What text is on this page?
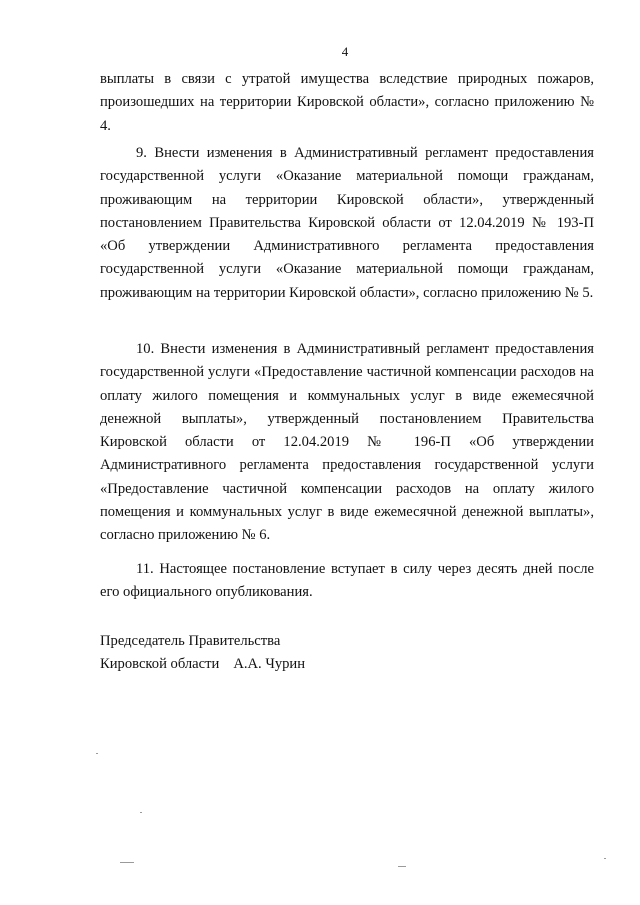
4

выплаты в связи с утратой имущества вследствие природных пожаров, произошедших на территории Кировской области», согласно приложению № 4.

9. Внести изменения в Административный регламент предоставления государственной услуги «Оказание материальной помощи гражданам, проживающим на территории Кировской области», утвержденный постановлением Правительства Кировской области от 12.04.2019 № 193-П «Об утверждении Административного регламента предоставления государственной услуги «Оказание материальной помощи гражданам, проживающим на территории Кировской области», согласно приложению № 5.

10. Внести изменения в Административный регламент предоставления государственной услуги «Предоставление частичной компенсации расходов на оплату жилого помещения и коммунальных услуг в виде ежемесячной денежной выплаты», утвержденный постановлением Правительства Кировской области от 12.04.2019 № 196-П «Об утверждении Административного регламента предоставления государственной услуги «Предоставление частичной компенсации расходов на оплату жилого помещения и коммунальных услуг в виде ежемесячной денежной выплаты», согласно приложению № 6.

11. Настоящее постановление вступает в силу через десять дней после его официального опубликования.

Председатель Правительства
Кировской области А.А. Чурин
